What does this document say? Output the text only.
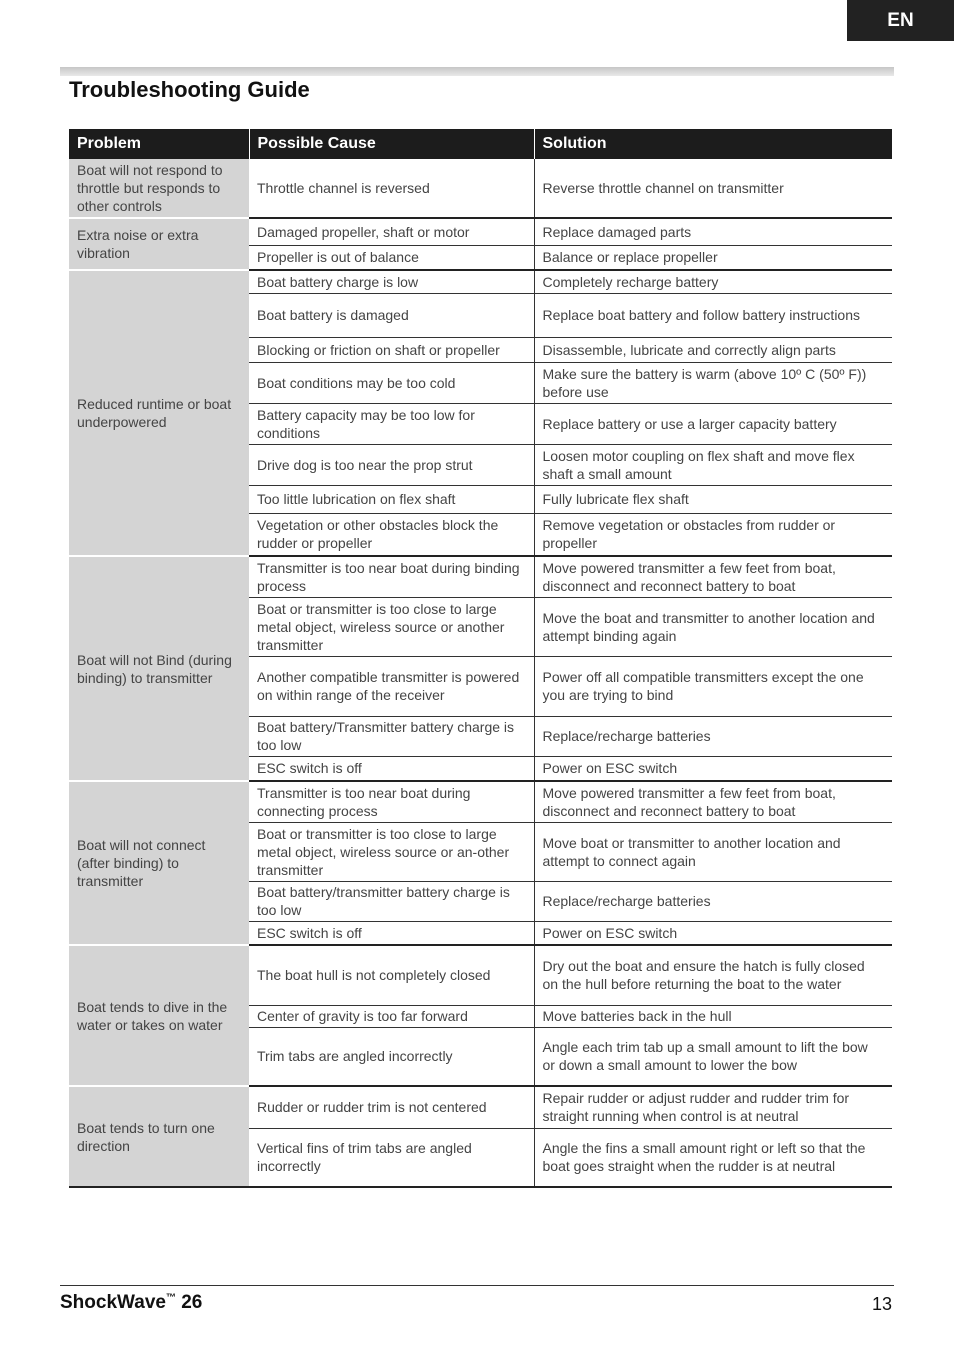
EN
Troubleshooting Guide
Problem	Possible Cause	Solution
Boat will not respond to throttle but responds to other controls	Throttle channel is reversed	Reverse throttle channel on transmitter
Extra noise or extra vibration	Damaged propeller, shaft or motor	Replace damaged parts
	Propeller is out of balance	Balance or replace propeller
Reduced runtime or boat underpowered	Boat battery charge is low	Completely recharge battery
	Boat battery is damaged	Replace boat battery and follow battery instructions
	Blocking or friction on shaft or propeller	Disassemble, lubricate and correctly align parts
	Boat conditions may be too cold	Make sure the battery is warm (above 10º C (50º F)) before use
	Battery capacity may be too low for conditions	Replace battery or use a larger capacity battery
	Drive dog is too near the prop strut	Loosen motor coupling on flex shaft and move flex shaft a small amount
	Too little lubrication on flex shaft	Fully lubricate flex shaft
	Vegetation or other obstacles block the rudder or propeller	Remove vegetation or obstacles from rudder or propeller
Boat will not Bind (during binding) to transmitter	Transmitter is too near boat during binding process	Move powered transmitter a few feet from boat, disconnect and reconnect battery to boat
	Boat or transmitter is too close to large metal object, wireless source or another transmitter	Move the boat and transmitter to another location and attempt binding again
	Another compatible transmitter is powered on within range of the receiver	Power off all compatible transmitters except the one you are trying to bind
	Boat battery/Transmitter battery charge is too low	Replace/recharge batteries
	ESC switch is off	Power on ESC switch
Boat will not connect (after binding) to transmitter	Transmitter is too near boat during connecting process	Move powered transmitter a few feet from boat, disconnect and reconnect battery to boat
	Boat or transmitter is too close to large metal object, wireless source or an-other transmitter	Move boat or transmitter to another location and attempt to connect again
	Boat battery/transmitter battery charge is too low	Replace/recharge batteries
	ESC switch is off	Power on ESC switch
Boat tends to dive in the water or takes on water	The boat hull is not completely closed	Dry out the boat and ensure the hatch is fully closed on the hull before returning the boat to the water
	Center of gravity is too far forward	Move batteries back in the hull
	Trim tabs are angled incorrectly	Angle each trim tab up a small amount to lift the bow or down a small amount to lower the bow
Boat tends to turn one direction	Rudder or rudder trim is not centered	Repair rudder or adjust rudder and rudder trim for straight running when control is at neutral
	Vertical fins of trim tabs are angled incorrectly	Angle the fins a small amount right or left so that the boat goes straight when the rudder is at neutral
ShockWave™ 26	13
